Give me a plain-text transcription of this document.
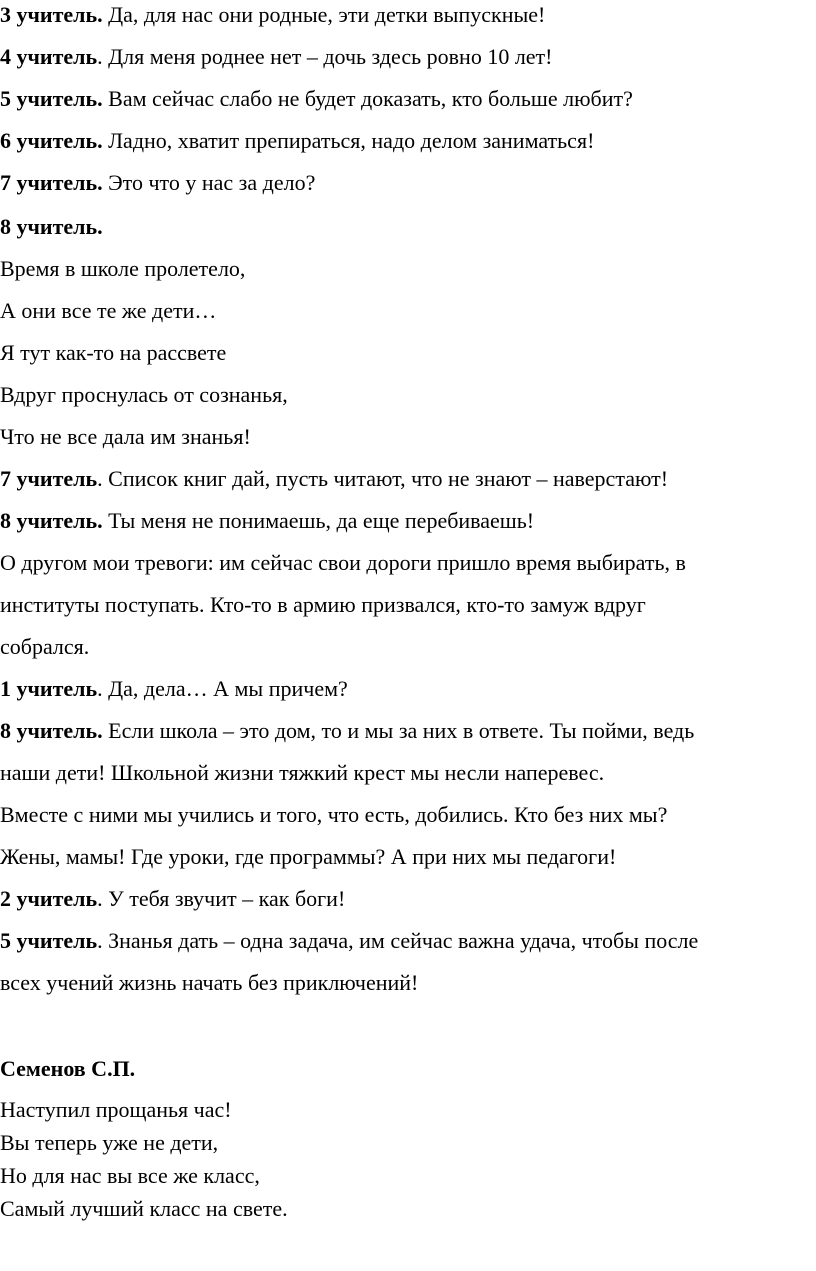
3 учитель. Да, для нас они родные, эти детки выпускные!
4 учитель. Для меня роднее нет – дочь здесь ровно 10 лет!
5 учитель. Вам сейчас слабо не будет доказать, кто больше любит?
6 учитель. Ладно, хватит препираться, надо делом заниматься!
7 учитель. Это что у нас за дело?
8 учитель.
Время в школе пролетело,
А они все те же дети…
Я тут как-то на рассвете
Вдруг проснулась от сознанья,
Что не все дала им знанья!
7 учитель. Список книг дай, пусть читают, что не знают – наверстают!
8 учитель. Ты меня не понимаешь, да еще перебиваешь!
О другом мои тревоги: им сейчас свои дороги пришло время выбирать, в
институты поступать. Кто-то в армию призвался, кто-то замуж вдруг
собрался.
1 учитель. Да, дела… А мы причем?
8 учитель. Если школа – это дом, то и мы за них в ответе. Ты пойми, ведь
наши дети! Школьной жизни тяжкий крест мы несли наперевес.
Вместе с ними мы учились и того, что есть, добились. Кто без них мы?
Жены, мамы! Где уроки, где программы? А при них мы педагоги!
2 учитель. У тебя звучит – как боги!
5 учитель. Знанья дать – одна задача, им сейчас важна удача, чтобы после
всех учений жизнь начать без приключений!
Семенов С.П.
Наступил прощанья час!
Вы теперь уже не дети,
Но для нас вы все же класс,
Самый лучший класс на свете.
